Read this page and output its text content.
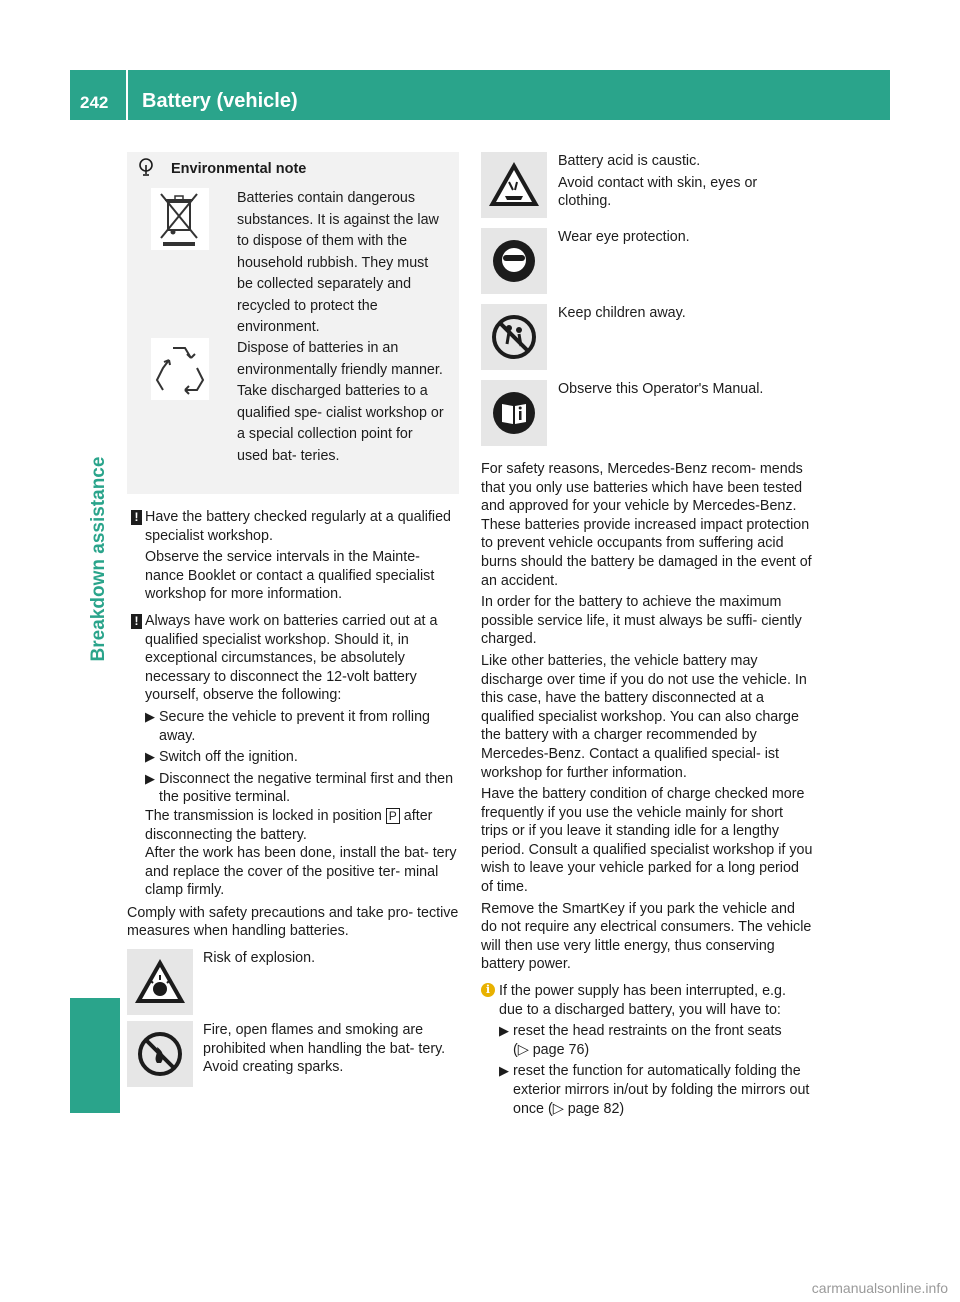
242 Battery (vehicle)
Breakdown assistance
Environmental note
Batteries contain dangerous substances. It is against the law to dispose of them with the household rubbish. They must be collected separately and recycled to protect the environment.
Dispose of batteries in an environmentally friendly manner. Take discharged batteries to a qualified spe- cialist workshop or a special collection point for used bat- teries.
! Have the battery checked regularly at a qualified specialist workshop.

Observe the service intervals in the Mainte- nance Booklet or contact a qualified specialist workshop for more information.

! Always have work on batteries carried out at a qualified specialist workshop. Should it, in exceptional circumstances, be absolutely necessary to disconnect the 12-volt battery yourself, observe the following:

▶ Secure the vehicle to prevent it from rolling away.
▶ Switch off the ignition.
▶ Disconnect the negative terminal first and then the positive terminal.

The transmission is locked in position P after disconnecting the battery.

After the work has been done, install the bat- tery and replace the cover of the positive ter- minal clamp firmly.

Comply with safety precautions and take pro- tective measures when handling batteries.

Risk of explosion.
Fire, open flames and smoking are prohibited when handling the bat- tery. Avoid creating sparks.

Battery acid is caustic.

Avoid contact with skin, eyes or clothing.

Wear eye protection.

Keep children away.

Observe this Operator's Manual.

For safety reasons, Mercedes-Benz recom- mends that you only use batteries which have been tested and approved for your vehicle by Mercedes-Benz. These batteries provide increased impact protection to prevent vehicle occupants from suffering acid burns should the battery be damaged in the event of an accident.

In order for the battery to achieve the maximum possible service life, it must always be suffi- ciently charged.

Like other batteries, the vehicle battery may discharge over time if you do not use the vehicle. In this case, have the battery disconnected at a qualified specialist workshop. You can also charge the battery with a charger recommended by Mercedes-Benz. Contact a qualified special- ist workshop for further information.

Have the battery condition of charge checked more frequently if you use the vehicle mainly for short trips or if you leave it standing idle for a lengthy period. Consult a qualified specialist workshop if you wish to leave your vehicle parked for a long period of time.

Remove the SmartKey if you park the vehicle and do not require any electrical consumers. The vehicle will then use very little energy, thus conserving battery power.

i If the power supply has been interrupted, e.g. due to a discharged battery, you will have to:

▶ reset the head restraints on the front seats
(▷ page 76)
▶ reset the function for automatically folding the exterior mirrors in/out by folding the mirrors out once (▷ page 82)
carmanualsonline.info
